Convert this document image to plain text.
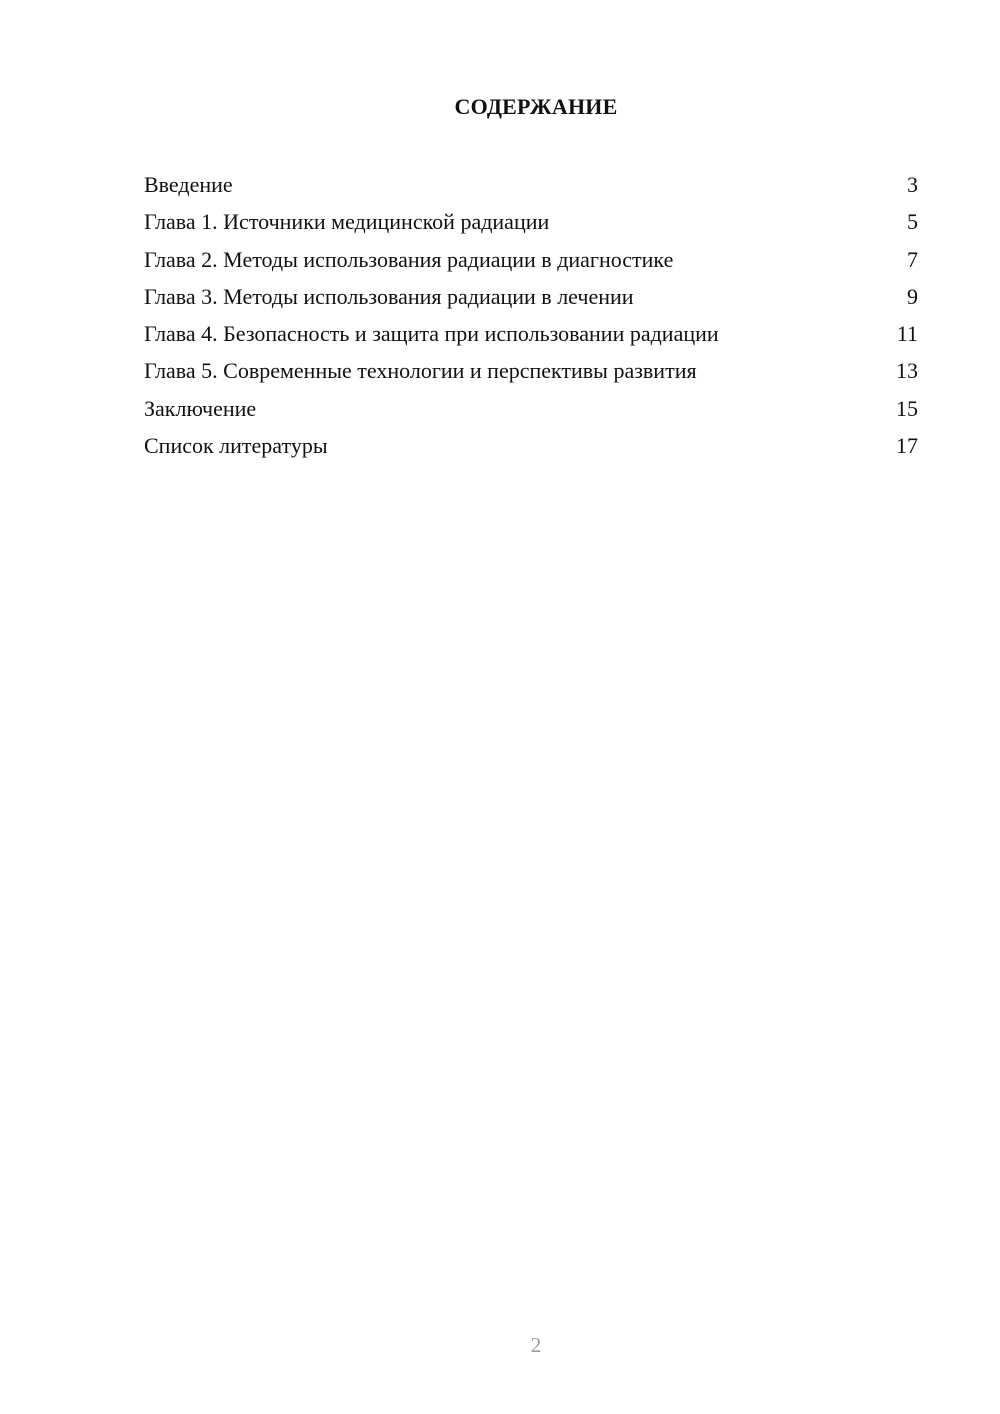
СОДЕРЖАНИЕ
Введение	3
Глава 1. Источники медицинской радиации	5
Глава 2. Методы использования радиации в диагностике	7
Глава 3. Методы использования радиации в лечении	9
Глава 4. Безопасность и защита при использовании радиации	11
Глава 5. Современные технологии и перспективы развития	13
Заключение	15
Список литературы	17
2
